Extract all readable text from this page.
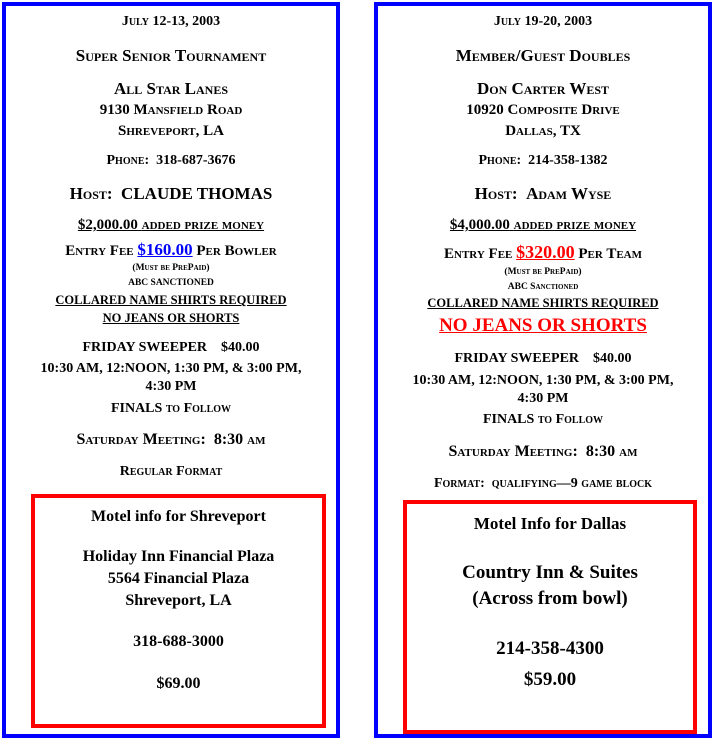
July 12-13, 2003

Super Senior Tournament

All Star Lanes

9130 Mansfield Road

Shreveport, LA

Phone: 318-687-3676

Host: CLAUDE THOMAS

$2,000.00 added prize money

Entry Fee $160.00 Per Bowler

(Must be PrePaid)

ABC SANCTIONED

COLLARED NAME SHIRTS REQUIRED

NO JEANS OR SHORTS

FRIDAY SWEEPER $40.00

10:30 AM, 12:NOON, 1:30 PM, & 3:00 PM,

4:30 PM

FINALS to Follow

Saturday Meeting: 8:30 am

Regular Format

Motel info for Shreveport

Holiday Inn Financial Plaza

5564 Financial Plaza

Shreveport, LA

318-688-3000

$69.00

July 19-20, 2003

Member/Guest Doubles

Don Carter West

10920 Composite Drive

Dallas, TX

Phone: 214-358-1382

Host: Adam Wyse

$4,000.00 added prize money

Entry Fee $320.00 Per Team

(Must be PrePaid)

ABC Sanctioned

COLLARED NAME SHIRTS REQUIRED

NO JEANS OR SHORTS

FRIDAY SWEEPER $40.00

10:30 AM, 12:NOON, 1:30 PM, & 3:00 PM,

4:30 PM

FINALS to Follow

Saturday Meeting: 8:30 am

Format: qualifying—9 game block

Motel Info for Dallas

Country Inn & Suites

(Across from bowl)

214-358-4300

$59.00
